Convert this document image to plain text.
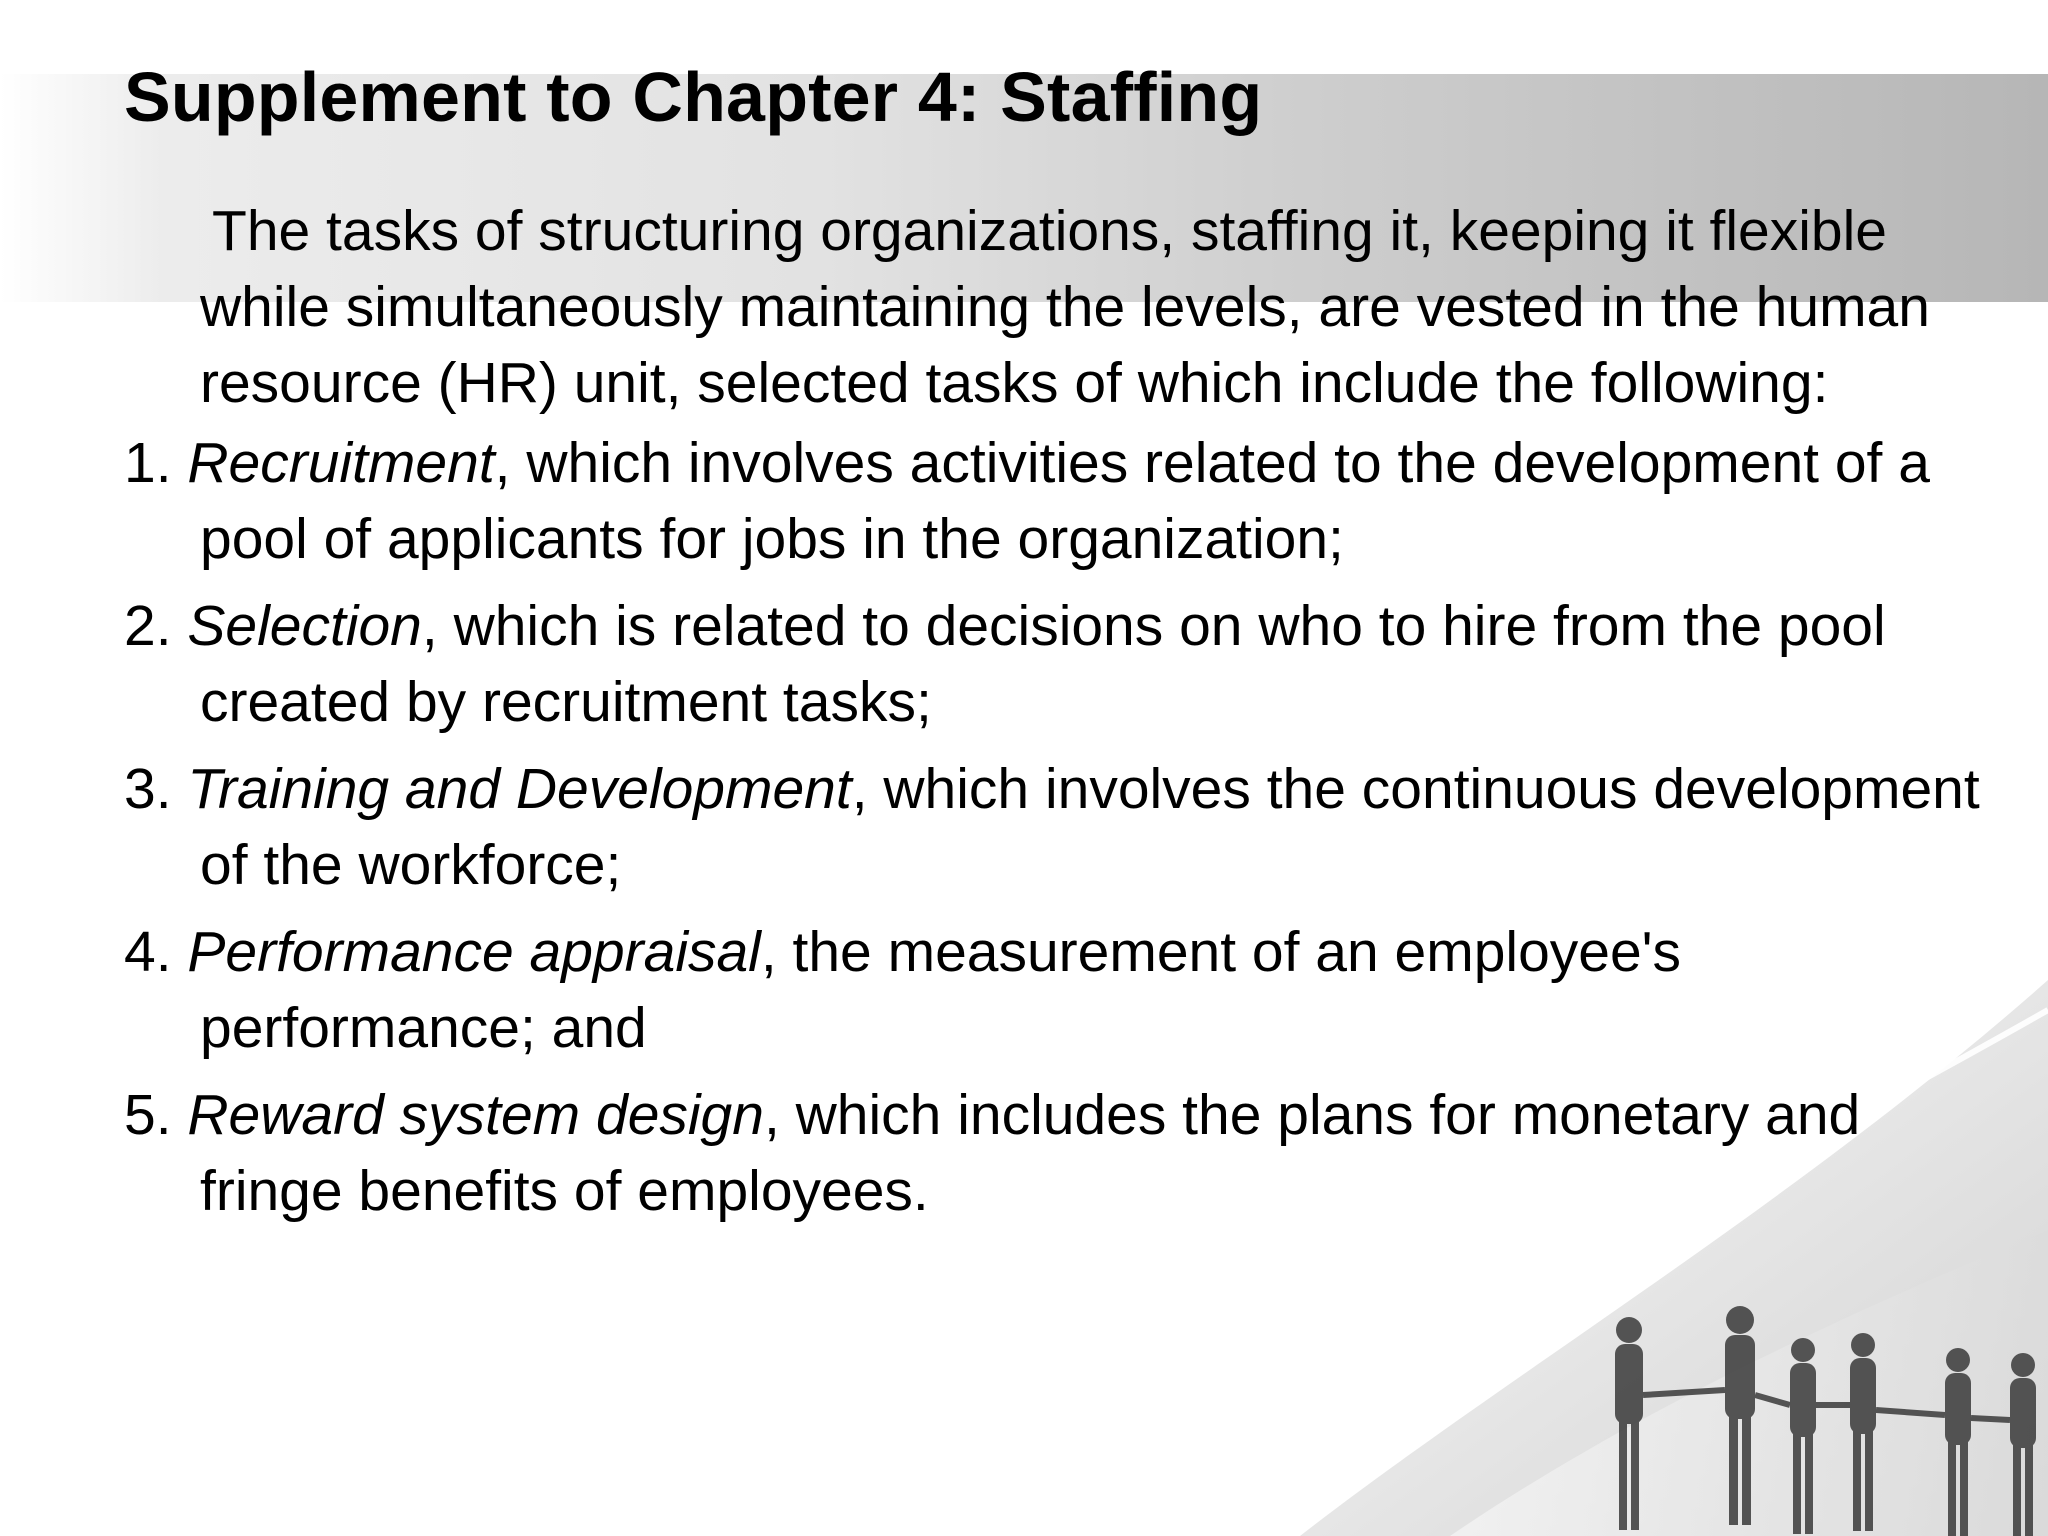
Supplement to Chapter 4: Staffing

The tasks of structuring organizations, staffing it, keeping it flexible while simultaneously maintaining the levels, are vested in the human resource (HR) unit, selected tasks of which include the following:

1. Recruitment, which involves activities related to the development of a pool of applicants for jobs in the organization;
2. Selection, which is related to decisions on who to hire from the pool created by recruitment tasks;
3. Training and Development, which involves the continuous development of the workforce;
4. Performance appraisal, the measurement of an employee's performance; and
5. Reward system design, which includes the plans for monetary and fringe benefits of employees.
